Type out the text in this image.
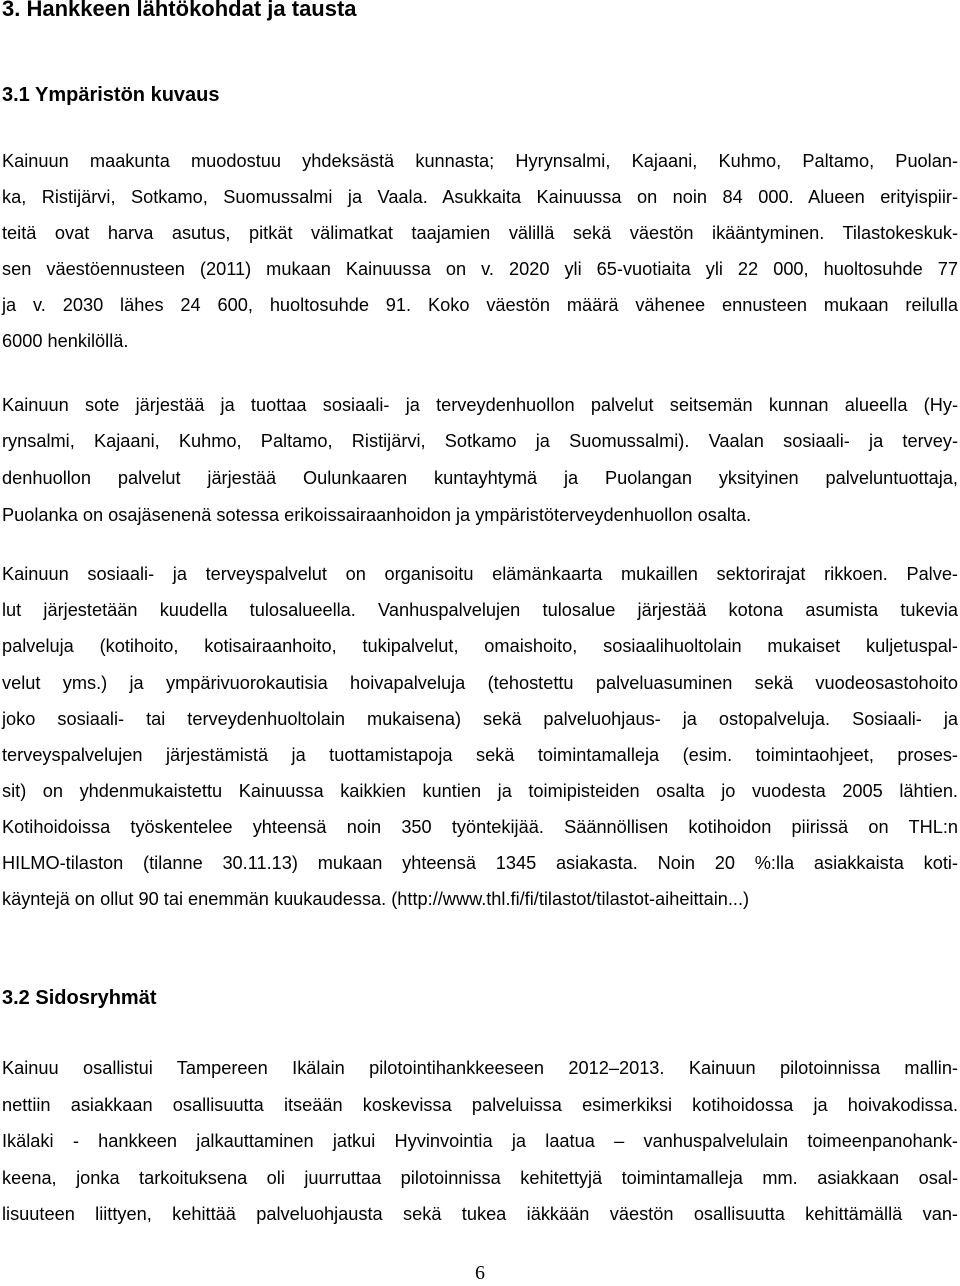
3. Hankkeen lähtökohdat ja tausta
3.1 Ympäristön kuvaus
Kainuun maakunta muodostuu yhdeksästä kunnasta; Hyrynsalmi, Kajaani, Kuhmo, Paltamo, Puolan-
ka, Ristijärvi, Sotkamo, Suomussalmi ja Vaala. Asukkaita Kainuussa on noin 84 000. Alueen erityispiir-
teitä ovat harva asutus, pitkät välimatkat taajamien välillä sekä väestön ikääntyminen. Tilastokeskuk-
sen väestöennusteen (2011) mukaan Kainuussa on v. 2020 yli 65-vuotiaita yli 22 000, huoltosuhde 77
ja v. 2030 lähes 24 600, huoltosuhde 91. Koko väestön määrä vähenee ennusteen mukaan reilulla
6000 henkilöllä.
Kainuun sote järjestää ja tuottaa sosiaali- ja terveydenhuollon palvelut seitsemän kunnan alueella (Hy-
rynsalmi, Kajaani, Kuhmo, Paltamo, Ristijärvi, Sotkamo ja Suomussalmi). Vaalan sosiaali- ja tervey-
denhuollon palvelut järjestää Oulunkaaren kuntayhtymä ja Puolangan yksityinen palveluntuottaja,
Puolanka on osajäsenenä sotessa erikoissairaanhoidon ja ympäristöterveydenhuollon osalta.
Kainuun sosiaali- ja terveyspalvelut on organisoitu elämänkaarta mukaillen sektorirajat rikkoen. Palve-
lut järjestetään kuudella tulosalueella. Vanhuspalvelujen tulosalue järjestää kotona asumista tukevia
palveluja (kotihoito, kotisairaanhoito, tukipalvelut, omaishoito, sosiaalihuoltolain mukaiset kuljetuspal-
velut yms.) ja ympärivuorokautisia hoivapalveluja (tehostettu palveluasuminen sekä vuodeosastohoito
joko sosiaali- tai terveydenhuoltolain mukaisena) sekä palveluohjaus- ja ostopalveluja. Sosiaali- ja
terveyspalvelujen järjestämistä ja tuottamistapoja sekä toimintamalleja (esim. toimintaohjeet, proses-
sit) on yhdenmukaistettu Kainuussa kaikkien kuntien ja toimipisteiden osalta jo vuodesta 2005 lähtien.
Kotihoidoissa työskentelee yhteensä noin 350 työntekijää. Säännöllisen kotihoidon piirissä on THL:n
HILMO-tilaston (tilanne 30.11.13) mukaan yhteensä 1345 asiakasta. Noin 20 %:lla asiakkaista koti-
käyntejä on ollut 90 tai enemmän kuukaudessa. (http://www.thl.fi/fi/tilastot/tilastot-aiheittain...)
3.2 Sidosryhmät
Kainuu osallistui Tampereen Ikälain pilotointihankkeeseen 2012–2013. Kainuun pilotoinnissa mallin-
nettiin asiakkaan osallisuutta itseään koskevissa palveluissa esimerkiksi kotihoidossa ja hoivakodissa.
Ikälaki - hankkeen jalkauttaminen jatkui Hyvinvointia ja laatua – vanhuspalvelulain toimeenpanohank-
keena, jonka tarkoituksena oli juurruttaa pilotoinnissa kehitettyjä toimintamalleja mm. asiakkaan osal-
lisuuteen liittyen, kehittää palveluohjausta sekä tukea iäkkään väestön osallisuutta kehittämällä van-
6
